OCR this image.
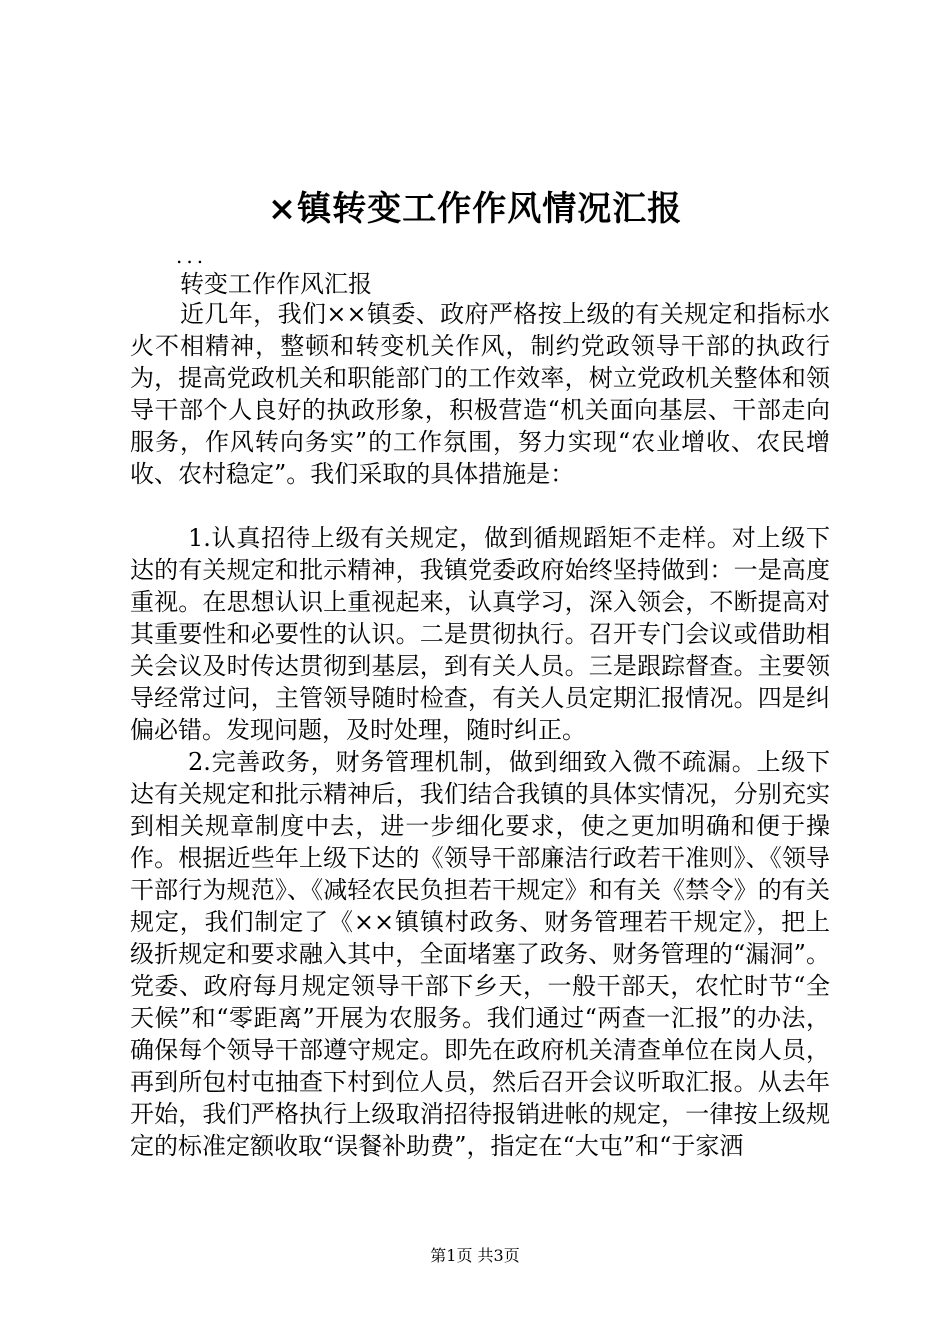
×镇转变工作作风情况汇报
...

转变工作作风汇报

近几年，我们××镇委、政府严格按上级的有关规定和指标水火不相精神，整顿和转变机关作风，制约党政领导干部的执政行为，提高党政机关和职能部门的工作效率，树立党政机关整体和领导干部个人良好的执政形象，积极营造“机关面向基层、干部走向服务，作风转向务实”的工作氛围，努力实现“农业增收、农民增收、农村稳定”。我们采取的具体措施是：

1.认真招待上级有关规定，做到循规蹈矩不走样。对上级下达的有关规定和批示精神，我镇党委政府始终坚持做到：一是高度重视。在思想认识上重视起来，认真学习，深入领会，不断提高对其重要性和必要性的认识。二是贯彻执行。召开专门会议或借助相关会议及时传达贯彻到基层，到有关人员。三是跟踪督查。主要领导经常过问，主管领导随时检查，有关人员定期汇报情况。四是纠偏必错。发现问题，及时处理，随时纠正。

2.完善政务，财务管理机制，做到细致入微不疏漏。上级下达有关规定和批示精神后，我们结合我镇的具体实情况，分别充实到相关规章制度中去，进一步细化要求，使之更加明确和便于操作。根据近些年上级下达的《领导干部廉洁行政若干准则》、《领导干部行为规范》、《减轻农民负担若干规定》和有关《禁令》的有关规定，我们制定了《××镇镇村政务、财务管理若干规定》，把上级折规定和要求融入其中，全面堵塞了政务、财务管理的“漏洞”。党委、政府每月规定领导干部下乡天，一般干部天，农忙时节“全天候”和“零距离”开展为农服务。我们通过“两查一汇报”的办法，确保每个领导干部遵守规定。即先在政府机关清查单位在岗人员，再到所包村屯抽查下村到位人员，然后召开会议听取汇报。从去年开始，我们严格执行上级取消招待报销进帐的规定，一律按上级规定的标准定额收取“误餐补助费”，指定在“大屯”和“于家洒

第1页 共3页
